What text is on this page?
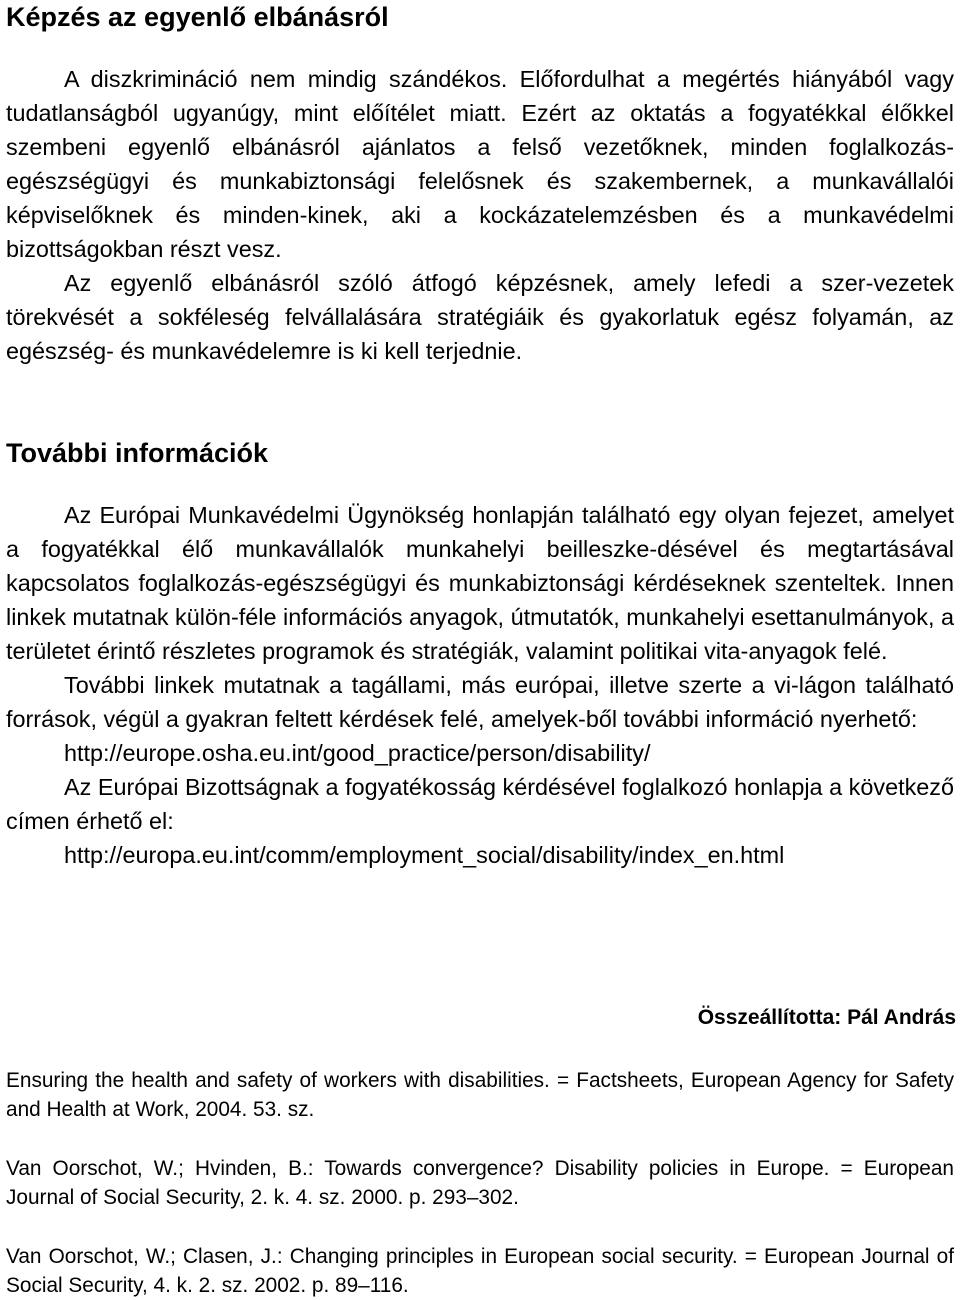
Képzés az egyenlő elbánásról

A diszkrimináció nem mindig szándékos. Előfordulhat a megértés hiányából vagy tudatlanságból ugyanúgy, mint előítélet miatt. Ezért az oktatás a fogyatékkal élőkkel szembeni egyenlő elbánásról ajánlatos a felső vezetőknek, minden foglalkozás-egészségügyi és munkabiztonsági felelősnek és szakembernek, a munkavállalói képviselőknek és minden-kinek, aki a kockázatelemzésben és a munkavédelmi bizottságokban részt vesz.

Az egyenlő elbánásról szóló átfogó képzésnek, amely lefedi a szer-vezetek törekvését a sokféleség felvállalására stratégiáik és gyakorlatuk egész folyamán, az egészség- és munkavédelemre is ki kell terjednie.

További információk

Az Európai Munkavédelmi Ügynökség honlapján található egy olyan fejezet, amelyet a fogyatékkal élő munkavállalók munkahelyi beilleszke-désével és megtartásával kapcsolatos foglalkozás-egészségügyi és munkabiztonsági kérdéseknek szenteltek. Innen linkek mutatnak külön-féle információs anyagok, útmutatók, munkahelyi esettanulmányok, a területet érintő részletes programok és stratégiák, valamint politikai vita-anyagok felé.

További linkek mutatnak a tagállami, más európai, illetve szerte a vi-lágon található források, végül a gyakran feltett kérdések felé, amelyek-ből további információ nyerhető:

http://europe.osha.eu.int/good_practice/person/disability/

Az Európai Bizottságnak a fogyatékosság kérdésével foglalkozó honlapja a következő címen érhető el:

http://europa.eu.int/comm/employment_social/disability/index_en.html
Összeállította: Pál András

Ensuring the health and safety of workers with disabilities. = Factsheets, European Agency for Safety and Health at Work, 2004. 53. sz.

Van Oorschot, W.; Hvinden, B.: Towards convergence? Disability policies in Europe. = European Journal of Social Security, 2. k. 4. sz. 2000. p. 293–302.

Van Oorschot, W.; Clasen, J.: Changing principles in European social security. = European Journal of Social Security, 4. k. 2. sz. 2002. p. 89–116.
